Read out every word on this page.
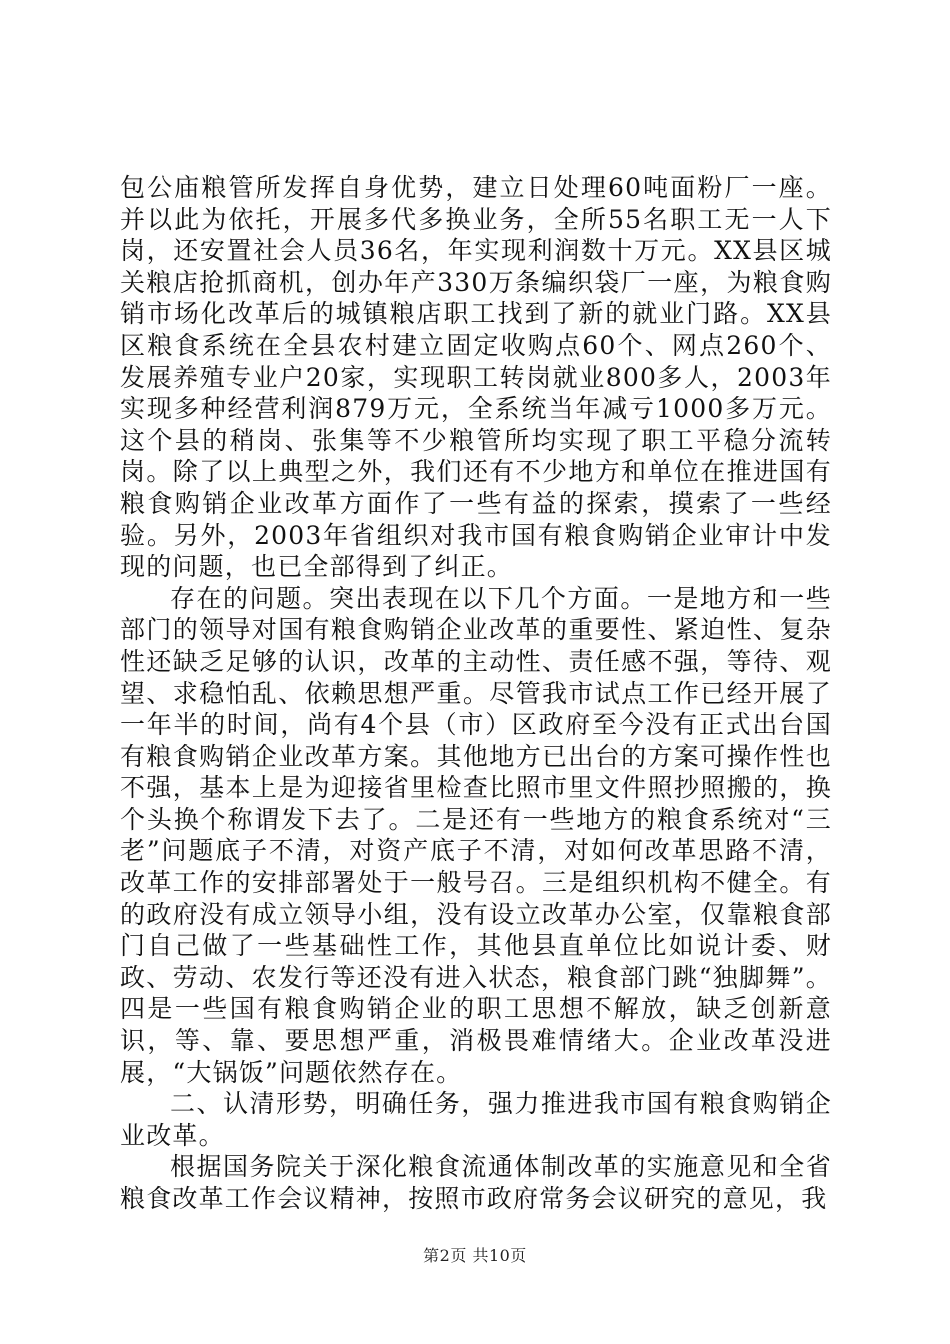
包公庙粮管所发挥自身优势，建立日处理60吨面粉厂一座。并以此为依托，开展多代多换业务，全所55名职工无一人下岗，还安置社会人员36名，年实现利润数十万元。XX县区城关粮店抢抓商机，创办年产330万条编织袋厂一座，为粮食购销市场化改革后的城镇粮店职工找到了新的就业门路。XX县区粮食系统在全县农村建立固定收购点60个、网点260个、发展养殖专业户20家，实现职工转岗就业800多人，2003年实现多种经营利润879万元，全系统当年减亏1000多万元。这个县的稍岗、张集等不少粮管所均实现了职工平稳分流转岗。除了以上典型之外，我们还有不少地方和单位在推进国有粮食购销企业改革方面作了一些有益的探索，摸索了一些经验。另外，2003年省组织对我市国有粮食购销企业审计中发现的问题，也已全部得到了纠正。

存在的问题。突出表现在以下几个方面。一是地方和一些部门的领导对国有粮食购销企业改革的重要性、紧迫性、复杂性还缺乏足够的认识，改革的主动性、责任感不强，等待、观望、求稳怕乱、依赖思想严重。尽管我市试点工作已经开展了一年半的时间，尚有4个县（市）区政府至今没有正式出台国有粮食购销企业改革方案。其他地方已出台的方案可操作性也不强，基本上是为迎接省里检查比照市里文件照抄照搬的，换个头换个称谓发下去了。二是还有一些地方的粮食系统对“三老”问题底子不清，对资产底子不清，对如何改革思路不清，改革工作的安排部署处于一般号召。三是组织机构不健全。有的政府没有成立领导小组，没有设立改革办公室，仅靠粮食部门自己做了一些基础性工作，其他县直单位比如说计委、财政、劳动、农发行等还没有进入状态，粮食部门跳“独脚舞”。四是一些国有粮食购销企业的职工思想不解放，缺乏创新意识，等、靠、要思想严重，消极畏难情绪大。企业改革没进展，“大锅饭”问题依然存在。

二、认清形势，明确任务，强力推进我市国有粮食购销企业改革。

根据国务院关于深化粮食流通体制改革的实施意见和全省粮食改革工作会议精神，按照市政府常务会议研究的意见，我

第2页 共10页
